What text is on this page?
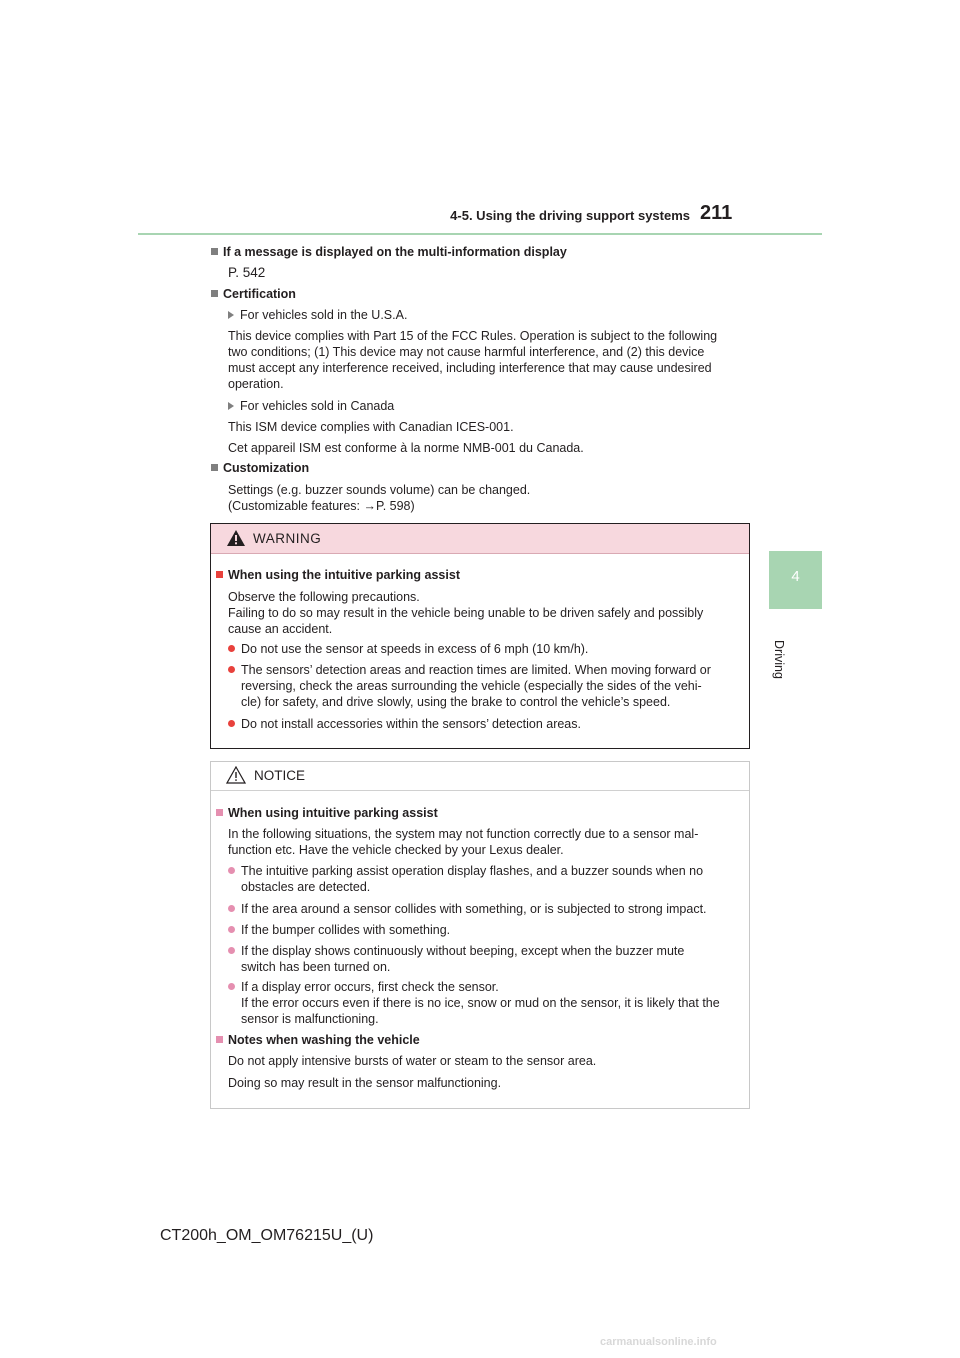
4-5. Using the driving support systems 211
4
Driving
If a message is displayed on the multi-information display
P. 542
Certification
For vehicles sold in the U.S.A.
This device complies with Part 15 of the FCC Rules. Operation is subject to the following
two conditions; (1) This device may not cause harmful interference, and (2) this device
must accept any interference received, including interference that may cause undesired
operation.
For vehicles sold in Canada
This ISM device complies with Canadian ICES-001.
Cet appareil ISM est conforme à la norme NMB-001 du Canada.
Customization
Settings (e.g. buzzer sounds volume) can be changed.
(Customizable features: →P. 598)
WARNING
When using the intuitive parking assist
Observe the following precautions.
Failing to do so may result in the vehicle being unable to be driven safely and possibly
cause an accident.
Do not use the sensor at speeds in excess of 6 mph (10 km/h).
The sensors’ detection areas and reaction times are limited. When moving forward or
reversing, check the areas surrounding the vehicle (especially the sides of the vehi-
cle) for safety, and drive slowly, using the brake to control the vehicle’s speed.
Do not install accessories within the sensors’ detection areas.
NOTICE
When using intuitive parking assist
In the following situations, the system may not function correctly due to a sensor mal-
function etc. Have the vehicle checked by your Lexus dealer.
The intuitive parking assist operation display flashes, and a buzzer sounds when no
obstacles are detected.
If the area around a sensor collides with something, or is subjected to strong impact.
If the bumper collides with something.
If the display shows continuously without beeping, except when the buzzer mute
switch has been turned on.
If a display error occurs, first check the sensor.
If the error occurs even if there is no ice, snow or mud on the sensor, it is likely that the
sensor is malfunctioning.
Notes when washing the vehicle
Do not apply intensive bursts of water or steam to the sensor area.
Doing so may result in the sensor malfunctioning.
CT200h_OM_OM76215U_(U)
carmanualsonline.info
